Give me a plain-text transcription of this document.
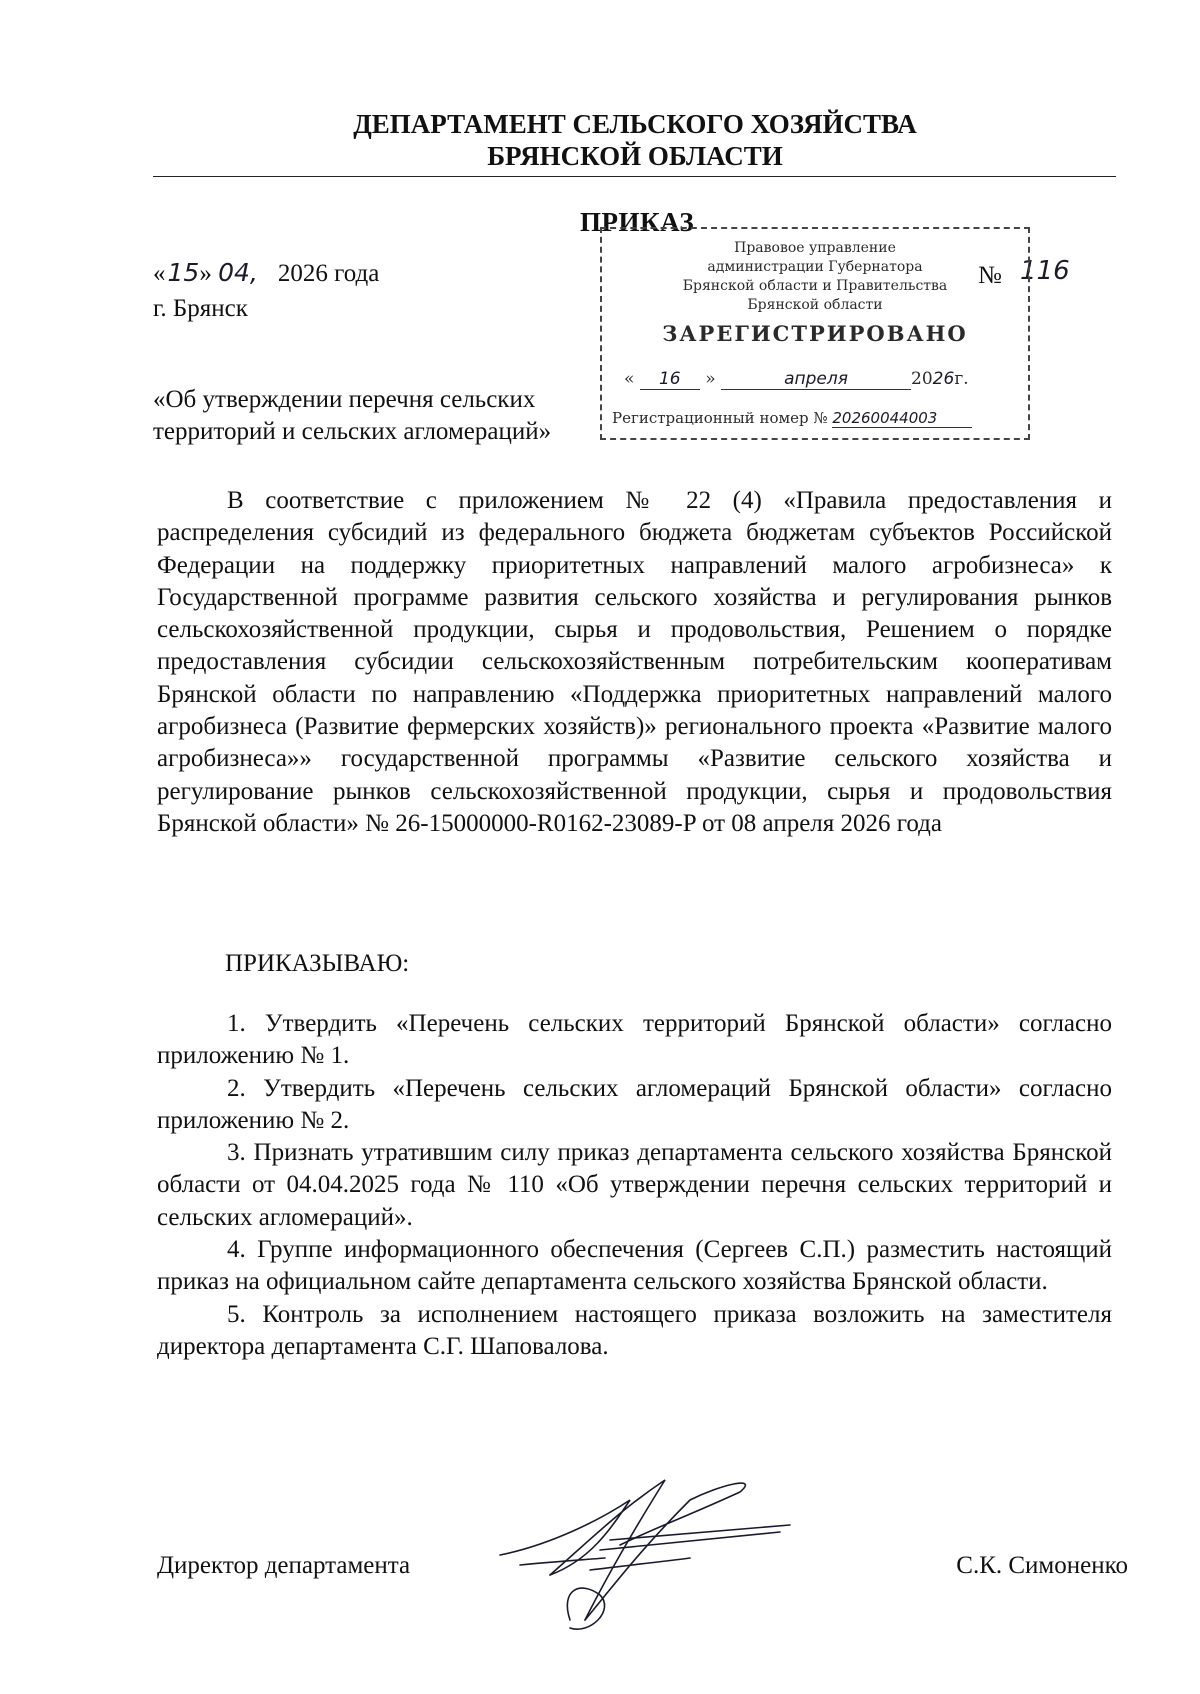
ДЕПАРТАМЕНТ СЕЛЬСКОГО ХОЗЯЙСТВА
БРЯНСКОЙ ОБЛАСТИ
ПРИКАЗ
«15» 04, 2026 года
г. Брянск
№ 116
«Об утверждении перечня сельских территорий и сельских агломераций»
Правовое управление
администрации Губернатора
Брянской области и Правительства
Брянской области
ЗАРЕГИСТРИРОВАНО
« 16 »	апреля	2026г.
Регистрационный номер № 20260044003
В соответствие с приложением № 22 (4) «Правила предоставления и распределения субсидий из федерального бюджета бюджетам субъектов Российской Федерации на поддержку приоритетных направлений малого агробизнеса» к Государственной программе развития сельского хозяйства и регулирования рынков сельскохозяйственной продукции, сырья и продовольствия, Решением о порядке предоставления субсидии сельскохозяйственным потребительским кооперативам Брянской области по направлению «Поддержка приоритетных направлений малого агробизнеса (Развитие фермерских хозяйств)» регионального проекта «Развитие малого агробизнеса»» государственной программы «Развитие сельского хозяйства и регулирование рынков сельскохозяйственной продукции, сырья и продовольствия Брянской области» № 26-15000000-R0162-23089-P от 08 апреля 2026 года
ПРИКАЗЫВАЮ:

1. Утвердить «Перечень сельских территорий Брянской области» согласно приложению № 1.

2. Утвердить «Перечень сельских агломераций Брянской области» согласно приложению № 2.

3. Признать утратившим силу приказ департамента сельского хозяйства Брянской области от 04.04.2025 года № 110 «Об утверждении перечня сельских территорий и сельских агломераций».

4. Группе информационного обеспечения (Сергеев С.П.) разместить настоящий приказ на официальном сайте департамента сельского хозяйства Брянской области.

5. Контроль за исполнением настоящего приказа возложить на заместителя директора департамента С.Г. Шаповалова.

Директор департамента	С.К. Симоненко
